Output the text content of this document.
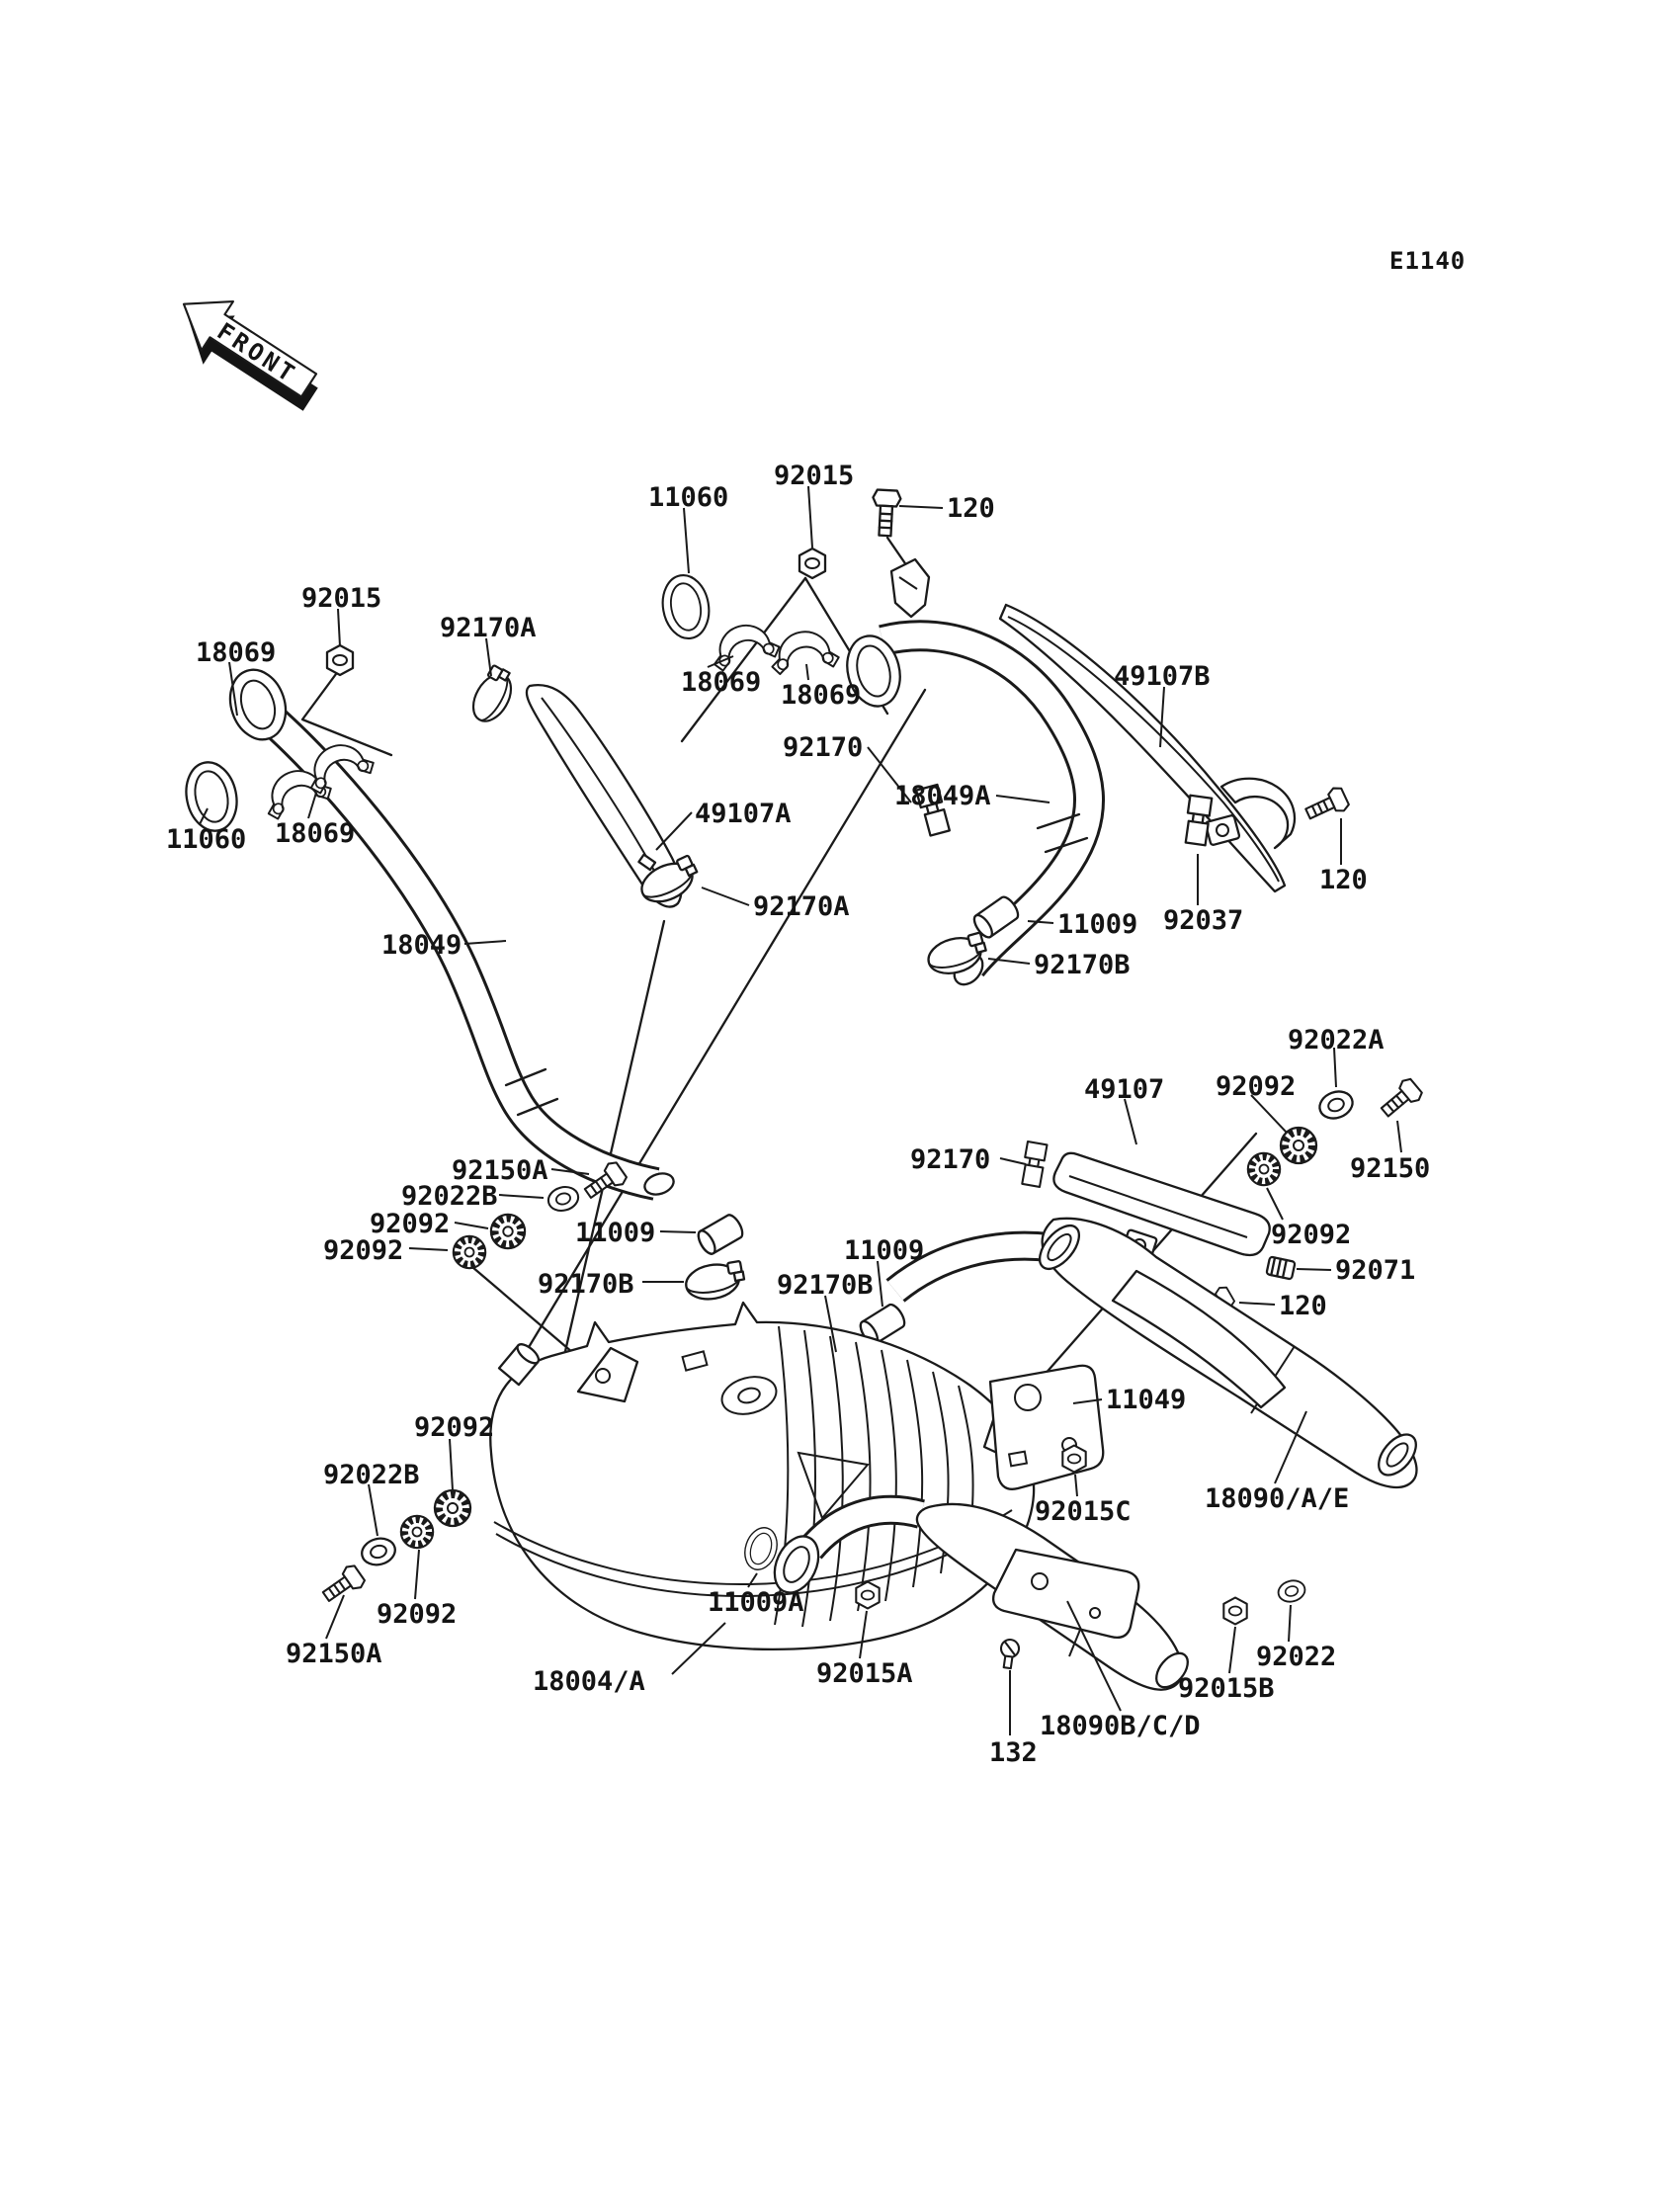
E1140
FRONT
92015
11060	120
92015
92170A
18069
18069 18069
49107B
92170
18049A
49107A
11060 18069
120
92037
92170A
18049
11009
92170B
92022A
92092
49107
92150
92170
92150A
92022B
92092
92092
11009
92170B
92092
92071
120
92170B
11009
11049
92092
92022B
92015C	18090/A/E
92092
92150A
11009A
18004/A	92015A
92022
92015B
18090B/C/D
132
